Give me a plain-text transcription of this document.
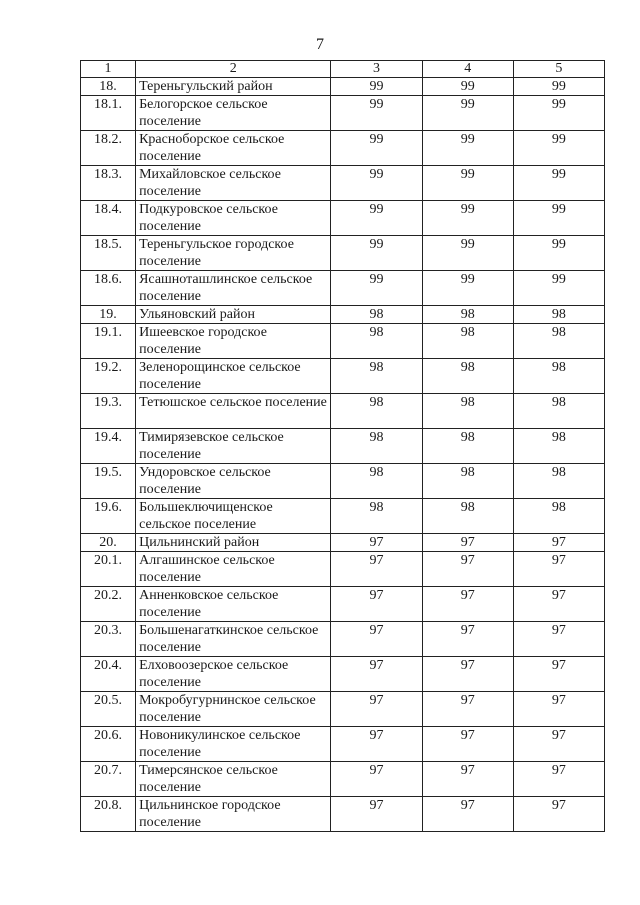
7
1	2	3	4	5
18.	Тереньгульский район	99	99	99
18.1.	Белогорское сельское поселение	99	99	99
18.2.	Красноборское сельское поселение	99	99	99
18.3.	Михайловское сельское поселение	99	99	99
18.4.	Подкуровское сельское поселение	99	99	99
18.5.	Тереньгульское городское поселение	99	99	99
18.6.	Ясашноташлинское сельское поселение	99	99	99
19.	Ульяновский район	98	98	98
19.1.	Ишеевское городское поселение	98	98	98
19.2.	Зеленорощинское сельское поселение	98	98	98
19.3.	Тетюшское сельское поселение	98	98	98
19.4.	Тимирязевское сельское поселение	98	98	98
19.5.	Ундоровское сельское поселение	98	98	98
19.6.	Большеключищенское сельское поселение	98	98	98
20.	Цильнинский район	97	97	97
20.1.	Алгашинское сельское поселение	97	97	97
20.2.	Анненковское сельское поселение	97	97	97
20.3.	Большенагаткинское сельское поселение	97	97	97
20.4.	Елховоозерское сельское поселение	97	97	97
20.5.	Мокробугурнинское сельское поселение	97	97	97
20.6.	Новоникулинское сельское поселение	97	97	97
20.7.	Тимерсянское сельское поселение	97	97	97
20.8.	Цильнинское городское поселение	97	97	97
